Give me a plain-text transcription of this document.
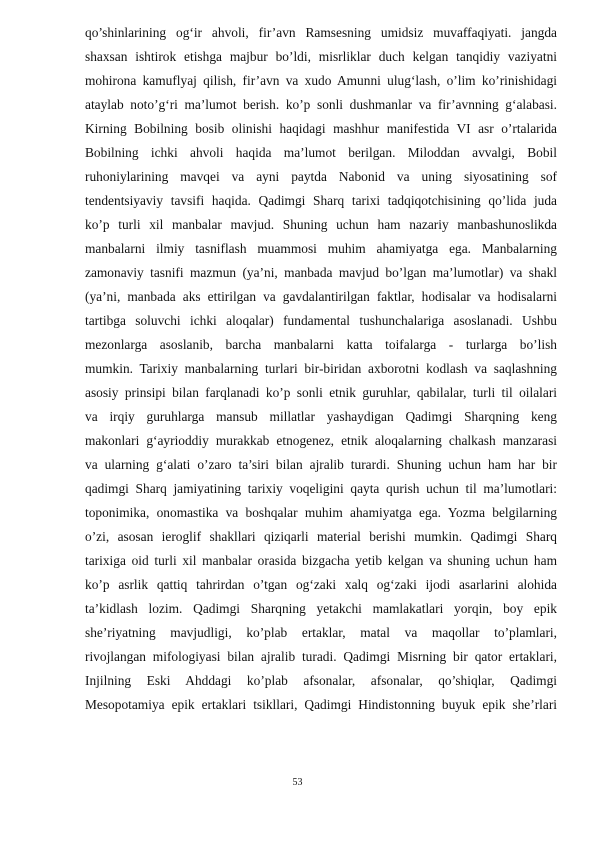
qo’shinlarining og‘ir ahvoli, fir’avn Ramsesning umidsiz muvaffaqiyati. jangda
shaxsan ishtirok etishga majbur bo’ldi, misrliklar duch kelgan tanqidiy vaziyatni
mohirona kamuflyaj qilish, fir’avn va xudo Amunni ulug‘lash, o’lim ko’rinishidagi
ataylab noto’g‘ri ma’lumot berish. ko’p sonli dushmanlar va fir’avnning g‘alabasi.
Kirning Bobilning bosib olinishi haqidagi mashhur manifestida VI asr o’rtalarida
Bobilning ichki ahvoli haqida ma’lumot berilgan. Miloddan avvalgi, Bobil
ruhoniylarining mavqei va ayni paytda Nabonid va uning siyosatining sof
tendentsiyaviy tavsifi haqida. Qadimgi Sharq tarixi tadqiqotchisining qo’lida juda
ko’p turli xil manbalar mavjud. Shuning uchun ham nazariy manbashunoslikda
manbalarni ilmiy tasniflash muammosi muhim ahamiyatga ega. Manbalarning
zamonaviy tasnifi mazmun (ya’ni, manbada mavjud bo’lgan ma’lumotlar) va shakl
(ya’ni, manbada aks ettirilgan va gavdalantirilgan faktlar, hodisalar va hodisalarni
tartibga soluvchi ichki aloqalar) fundamental tushunchalariga asoslanadi. Ushbu
mezonlarga asoslanib, barcha manbalarni katta toifalarga - turlarga bo’lish
mumkin. Tarixiy manbalarning turlari bir-biridan axborotni kodlash va saqlashning
asosiy prinsipi bilan farqlanadi ko’p sonli etnik guruhlar, qabilalar, turli til oilalari
va irqiy guruhlarga mansub millatlar yashaydigan Qadimgi Sharqning keng
makonlari g‘ayrioddiy murakkab etnogenez, etnik aloqalarning chalkash manzarasi
va ularning g‘alati o’zaro ta’siri bilan ajralib turardi. Shuning uchun ham har bir
qadimgi Sharq jamiyatining tarixiy voqeligini qayta qurish uchun til ma’lumotlari:
toponimika, onomastika va boshqalar muhim ahamiyatga ega. Yozma belgilarning
o’zi, asosan ieroglif shakllari qiziqarli material berishi mumkin. Qadimgi Sharq
tarixiga oid turli xil manbalar orasida bizgacha yetib kelgan va shuning uchun ham
ko’p asrlik qattiq tahrirdan o’tgan og‘zaki xalq og‘zaki ijodi asarlarini alohida
ta’kidlash lozim. Qadimgi Sharqning yetakchi mamlakatlari yorqin, boy epik
she’riyatning mavjudligi, ko’plab ertaklar, matal va maqollar to’plamlari,
rivojlangan mifologiyasi bilan ajralib turadi. Qadimgi Misrning bir qator ertaklari,
Injilning Eski Ahddagi ko’plab afsonalar, afsonalar, qo’shiqlar, Qadimgi
Mesopotamiya epik ertaklari tsikllari, Qadimgi Hindistonning buyuk epik she’rlari
53
